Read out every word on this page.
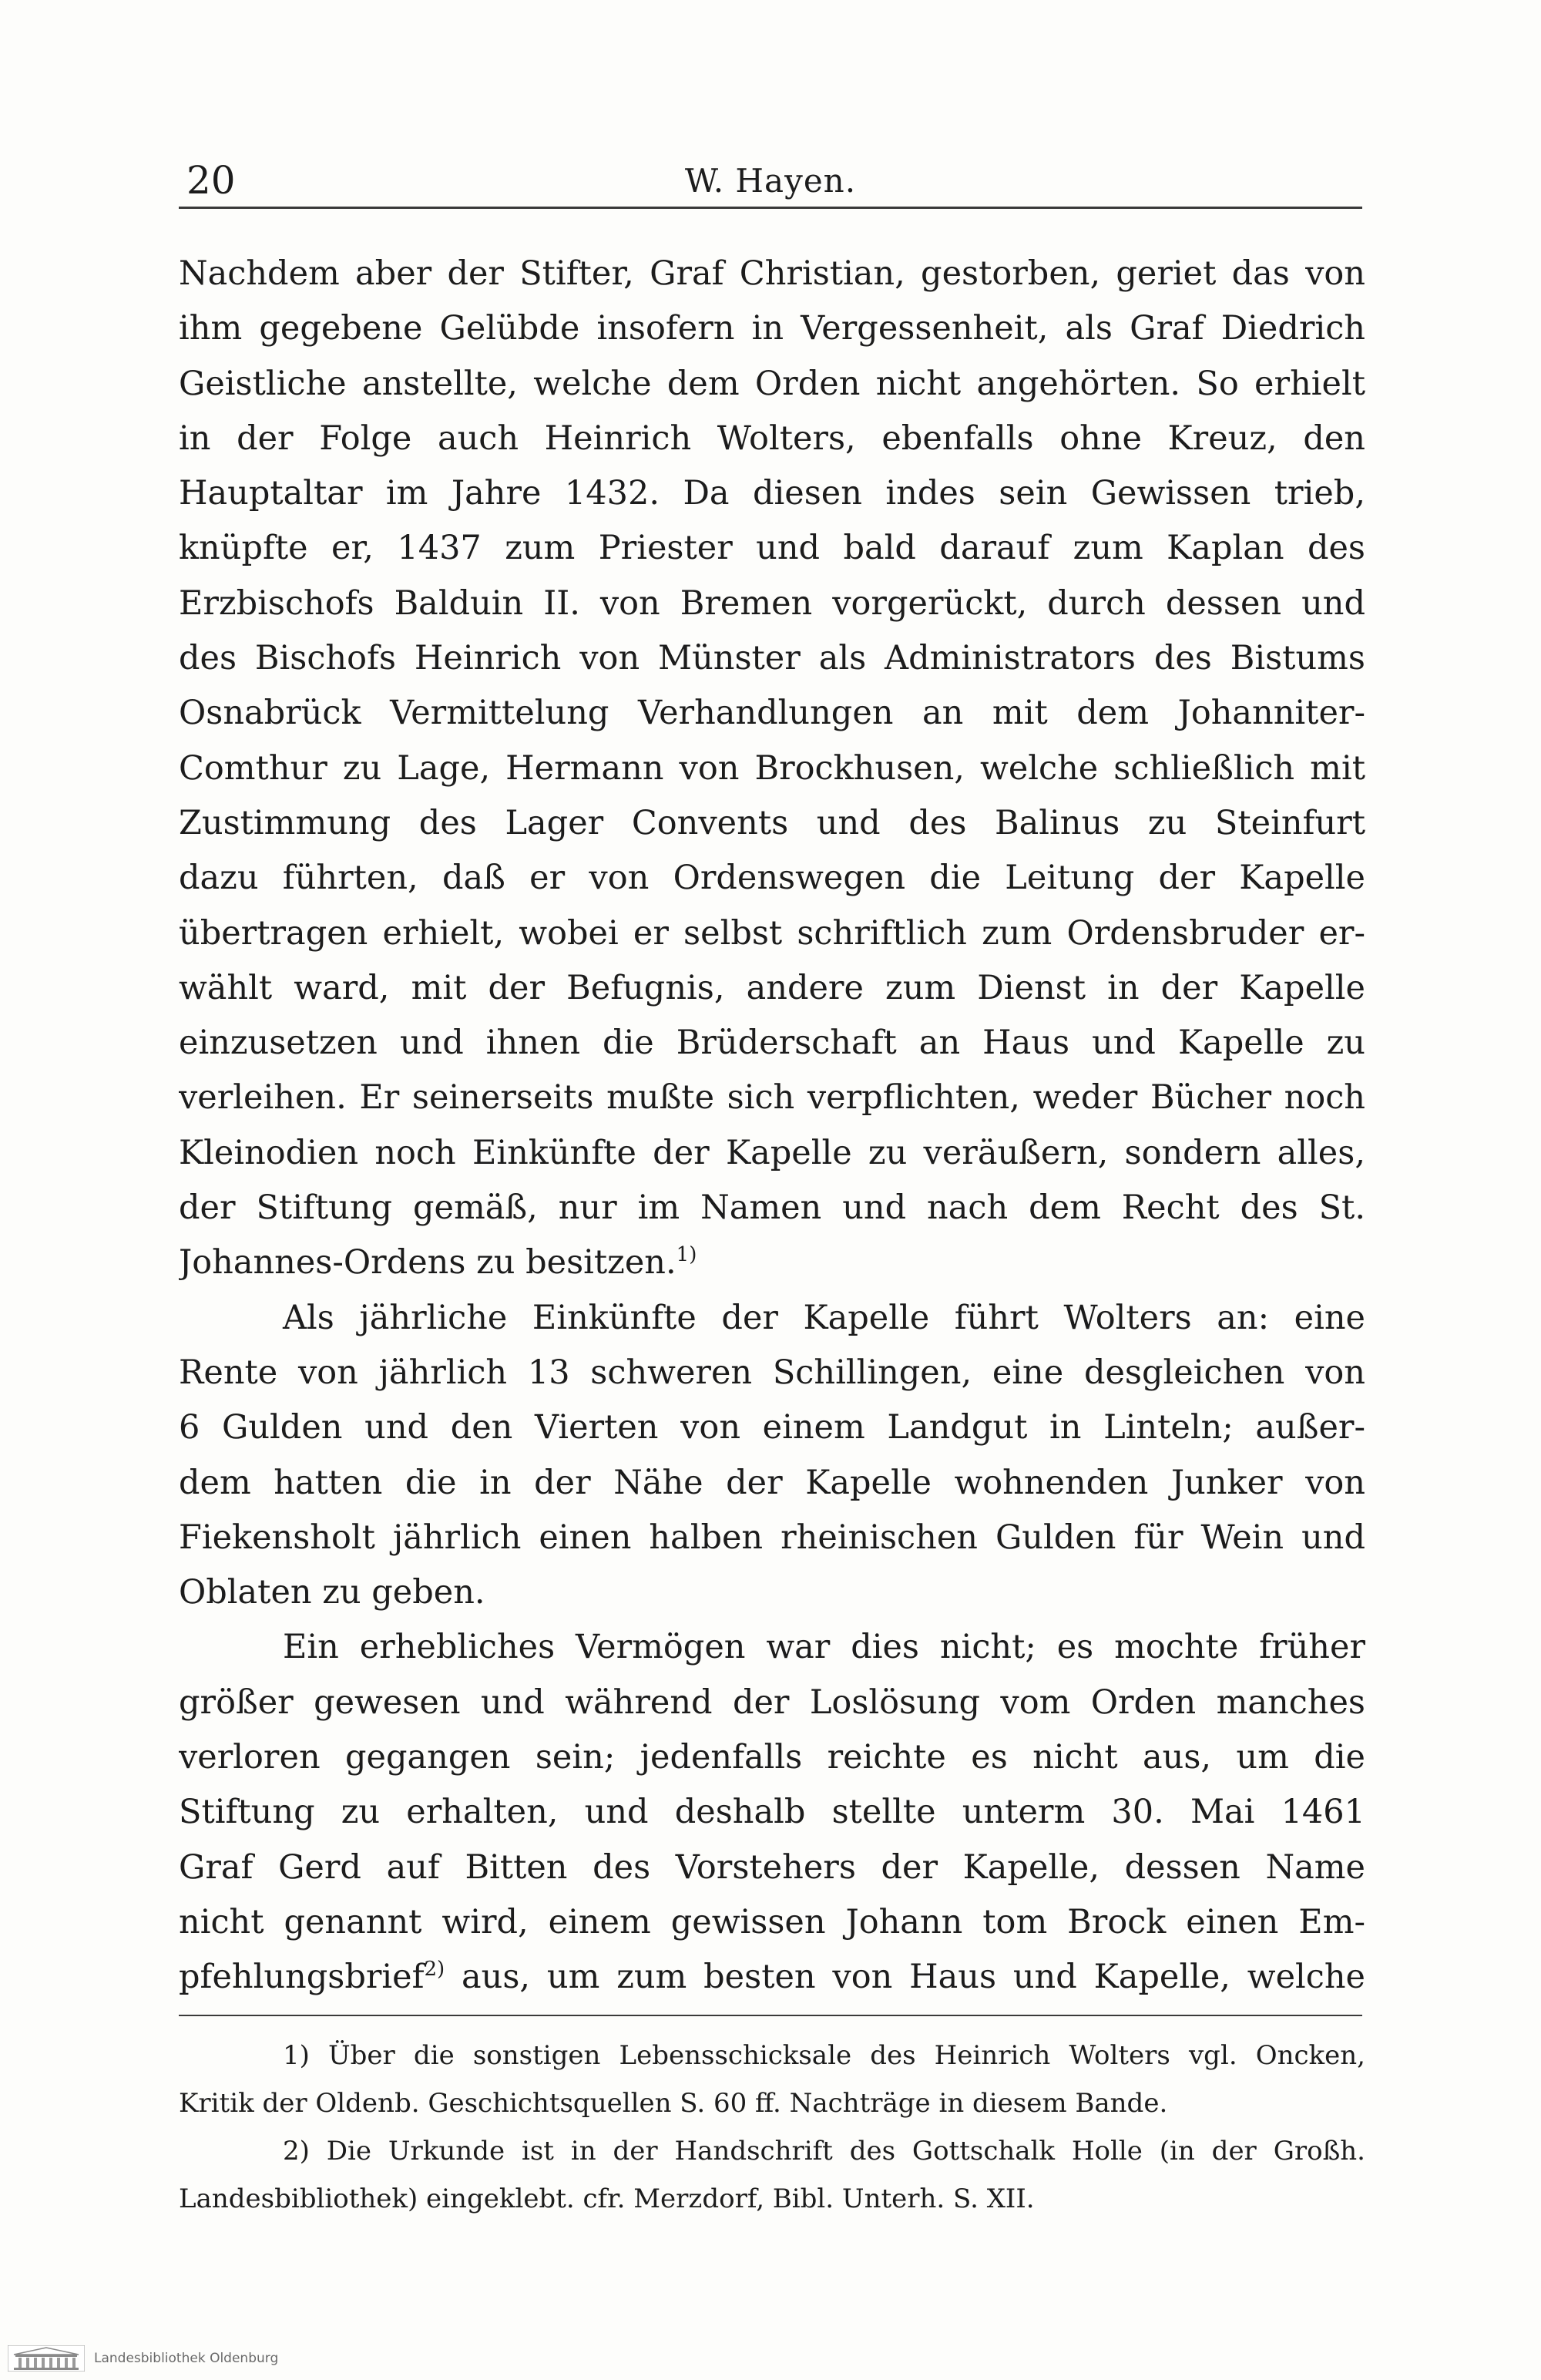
20	W. Hayen.
Nachdem aber der Stifter, Graf Christian, gestorben, geriet das von
ihm gegebene Gelübde insofern in Vergessenheit, als Graf Diedrich
Geistliche anstellte, welche dem Orden nicht angehörten. So erhielt
in der Folge auch Heinrich Wolters, ebenfalls ohne Kreuz, den
Hauptaltar im Jahre 1432. Da diesen indes sein Gewissen trieb,
knüpfte er, 1437 zum Priester und bald darauf zum Kaplan des
Erzbischofs Balduin II. von Bremen vorgerückt, durch dessen und
des Bischofs Heinrich von Münster als Administrators des Bistums
Osnabrück Vermittelung Verhandlungen an mit dem Johanniter-
Comthur zu Lage, Hermann von Brockhusen, welche schließlich mit
Zustimmung des Lager Convents und des Balinus zu Steinfurt
dazu führten, daß er von Ordenswegen die Leitung der Kapelle
übertragen erhielt, wobei er selbst schriftlich zum Ordensbruder er-
wählt ward, mit der Befugnis, andere zum Dienst in der Kapelle
einzusetzen und ihnen die Brüderschaft an Haus und Kapelle zu
verleihen. Er seinerseits mußte sich verpflichten, weder Bücher noch
Kleinodien noch Einkünfte der Kapelle zu veräußern, sondern alles,
der Stiftung gemäß, nur im Namen und nach dem Recht des St.
Johannes-Ordens zu besitzen.$^{1)}$
Als jährliche Einkünfte der Kapelle führt Wolters an: eine
Rente von jährlich 13 schweren Schillingen, eine desgleichen von
6 Gulden und den Vierten von einem Landgut in Linteln; außer-
dem hatten die in der Nähe der Kapelle wohnenden Junker von
Fiekensholt jährlich einen halben rheinischen Gulden für Wein und
Oblaten zu geben.
Ein erhebliches Vermögen war dies nicht; es mochte früher
größer gewesen und während der Loslösung vom Orden manches
verloren gegangen sein; jedenfalls reichte es nicht aus, um die
Stiftung zu erhalten, und deshalb stellte unterm 30. Mai 1461
Graf Gerd auf Bitten des Vorstehers der Kapelle, dessen Name
nicht genannt wird, einem gewissen Johann tom Brock einen Em-
pfehlungsbrief$^{2)}$ aus, um zum besten von Haus und Kapelle, welche
1) Über die sonstigen Lebensschicksale des Heinrich Wolters vgl. Oncken,
Kritik der Oldenb. Geschichtsquellen S. 60 ff. Nachträge in diesem Bande.
2) Die Urkunde ist in der Handschrift des Gottschalk Holle (in der Großh.
Landesbibliothek) eingeklebt. cfr. Merzdorf, Bibl. Unterh. S. XII.
Landesbibliothek Oldenburg
